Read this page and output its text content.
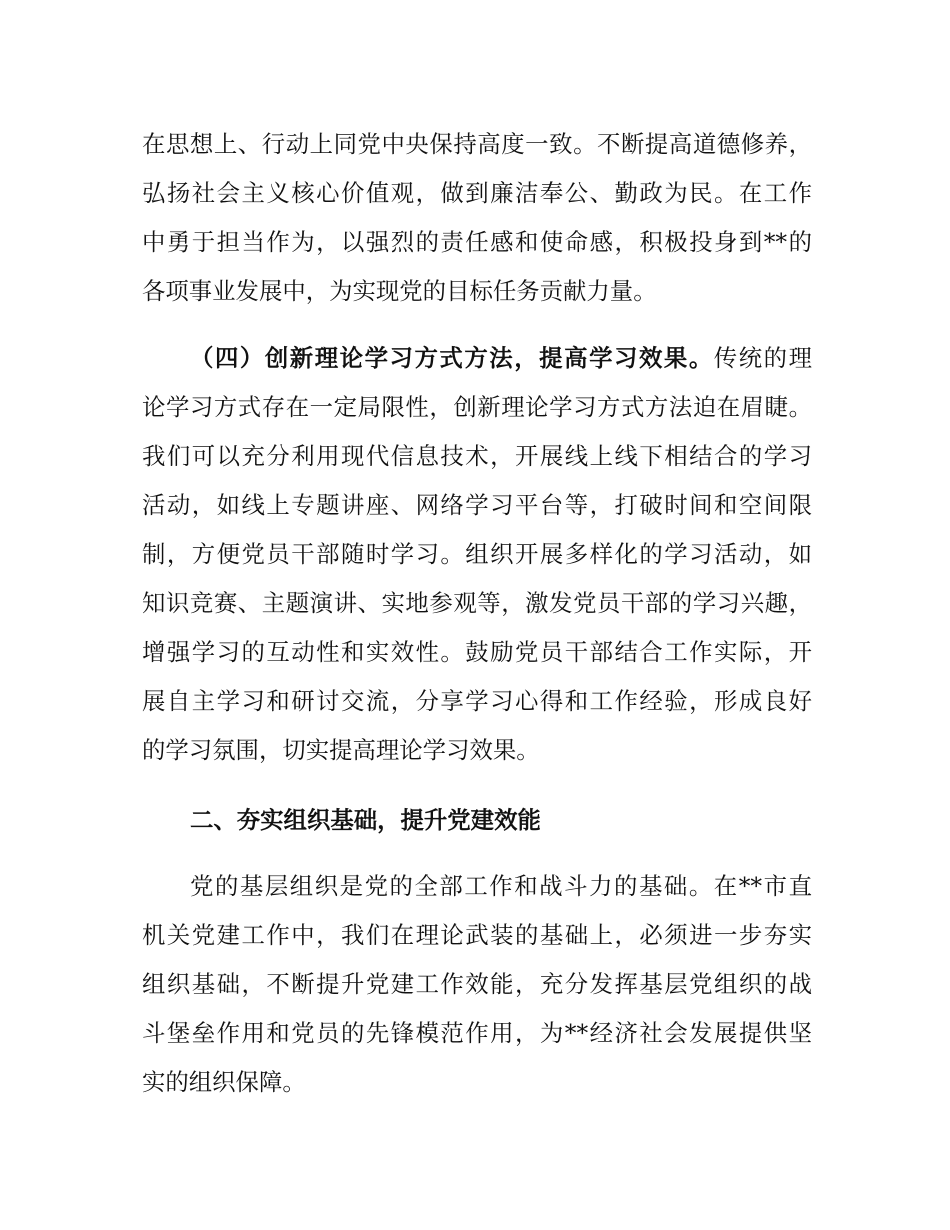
在思想上、行动上同党中央保持高度一致。不断提高道德修养，
弘扬社会主义核心价值观，做到廉洁奉公、勤政为民。在工作
中勇于担当作为，以强烈的责任感和使命感，积极投身到**的
各项事业发展中，为实现党的目标任务贡献力量。
（四）创新理论学习方式方法，提高学习效果。传统的理
论学习方式存在一定局限性，创新理论学习方式方法迫在眉睫。
我们可以充分利用现代信息技术，开展线上线下相结合的学习
活动，如线上专题讲座、网络学习平台等，打破时间和空间限
制，方便党员干部随时学习。组织开展多样化的学习活动，如
知识竞赛、主题演讲、实地参观等，激发党员干部的学习兴趣，
增强学习的互动性和实效性。鼓励党员干部结合工作实际，开
展自主学习和研讨交流，分享学习心得和工作经验，形成良好
的学习氛围，切实提高理论学习效果。
二、夯实组织基础，提升党建效能
党的基层组织是党的全部工作和战斗力的基础。在**市直
机关党建工作中，我们在理论武装的基础上，必须进一步夯实
组织基础，不断提升党建工作效能，充分发挥基层党组织的战
斗堡垒作用和党员的先锋模范作用，为**经济社会发展提供坚
实的组织保障。
